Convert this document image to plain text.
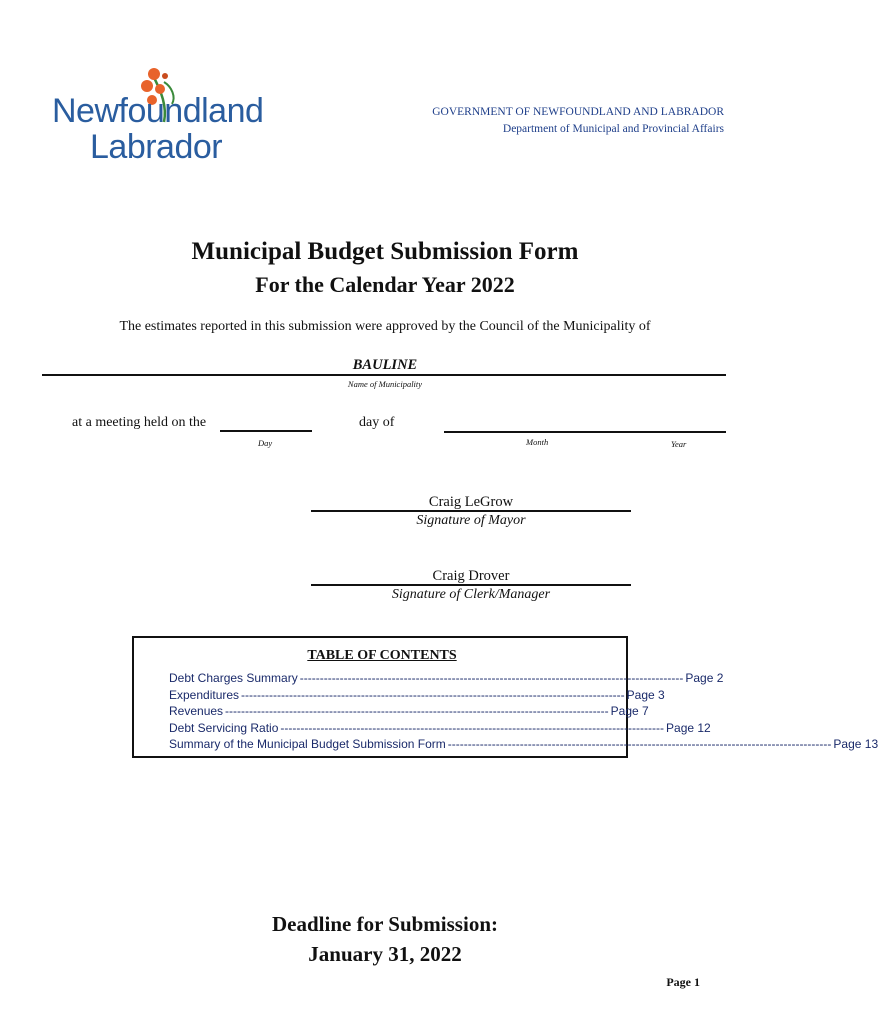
Newfoundland
Labrador
GOVERNMENT OF NEWFOUNDLAND AND LABRADOR
Department of Municipal and Provincial Affairs
Municipal Budget Submission Form
For the Calendar Year 2022
The estimates reported in this submission were approved by the Council of the Municipality of
BAULINE
Name of Municipality
at a meeting held on the
Day
day of
Month	Year
Craig LeGrow
Signature of Mayor
Craig Drover
Signature of Clerk/Manager
TABLE OF CONTENTS
Debt Charges Summary ------------------------------------------------------------------------------------------------ Page 2
Expenditures ------------------------------------------------------------------------------------------------ Page 3
Revenues ------------------------------------------------------------------------------------------------ Page 7
Debt Servicing Ratio ------------------------------------------------------------------------------------------------ Page 12
Summary of the Municipal Budget Submission Form ------------------------------------------------------------------------------------------------ Page 13
Deadline for Submission:
January 31, 2022
Page 1
